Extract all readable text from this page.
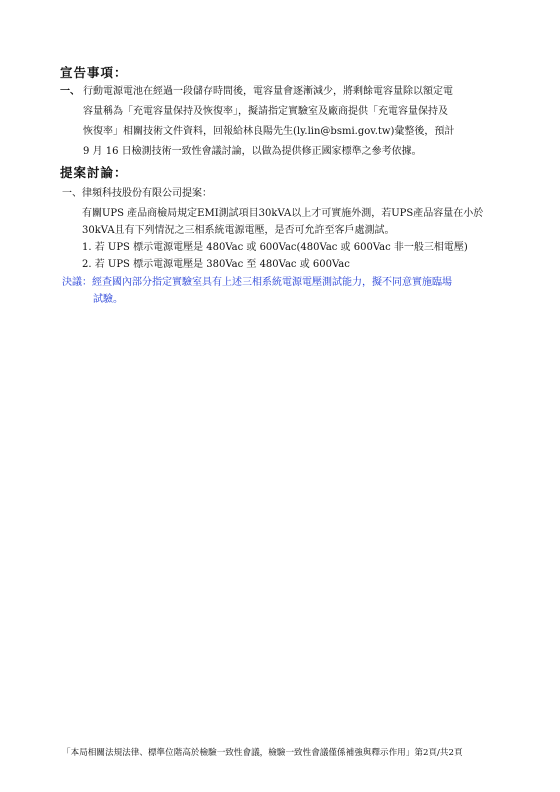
宣告事項：
一、 行動電源電池在經過一段儲存時間後，電容量會逐漸減少，將剩餘電容量除以額定電
容量稱為「充電容量保持及恢復率」，擬請指定實驗室及廠商提供「充電容量保持及
恢復率」相關技術文件資料，回報給林良陽先生(ly.lin@bsmi.gov.tw)彙整後，預計
9 月 16 日檢測技術一致性會議討論，以做為提供修正國家標準之參考依據。
提案討論：
一、律頻科技股份有限公司提案：
有關UPS 產品商檢局規定EMI測試項目30kVA以上才可實施外測，若UPS產品容量在小於
30kVA且有下列情況之三相系統電源電壓，是否可允許至客戶處測試。
1. 若 UPS 標示電源電壓是 480Vac 或 600Vac(480Vac 或 600Vac 非一般三相電壓)
2. 若 UPS 標示電源電壓是 380Vac 至 480Vac 或 600Vac
決議：經查國內部分指定實驗室具有上述三相系統電源電壓測試能力，擬不同意實施臨場
試驗。
「本局相關法規法律、標準位階高於檢驗一致性會議，檢驗一致性會議僅係補強與釋示作用」第2頁/共2頁
